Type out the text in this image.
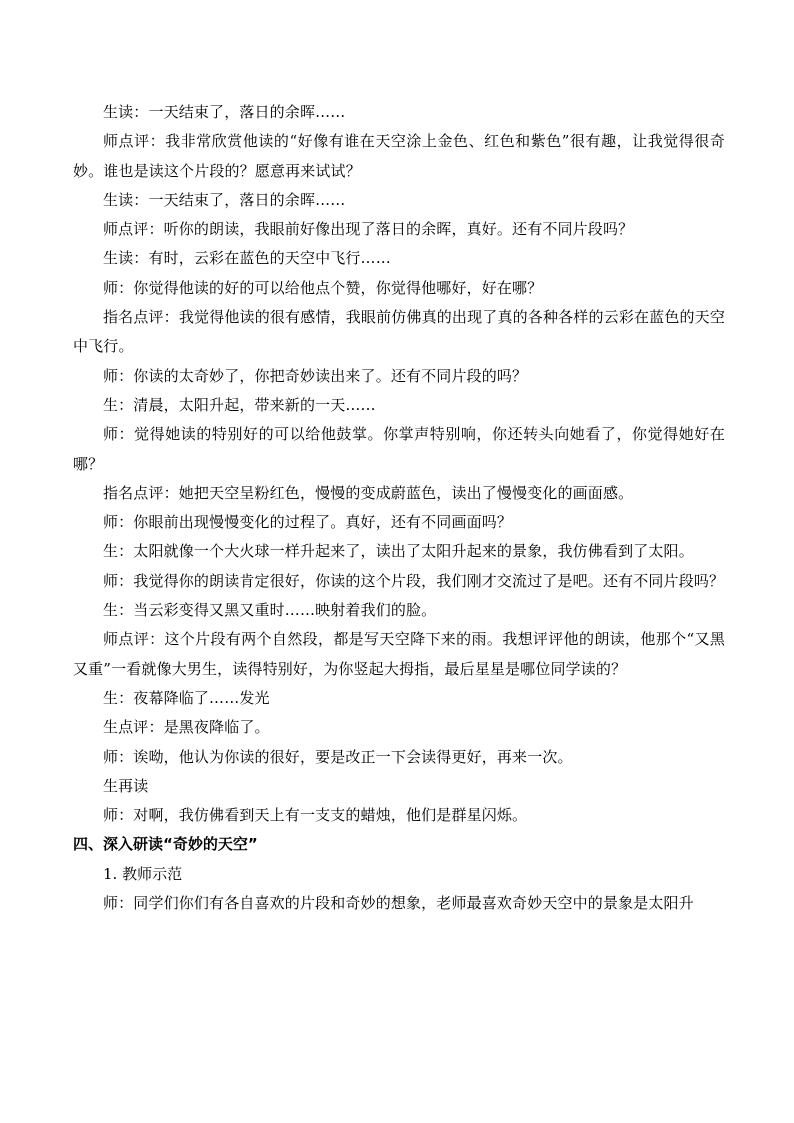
生读：一天结束了，落日的余晖……

师点评：我非常欣赏他读的“好像有谁在天空涂上金色、红色和紫色”很有趣，让我觉得很奇妙。谁也是读这个片段的？愿意再来试试？

生读：一天结束了，落日的余晖……

师点评：听你的朗读，我眼前好像出现了落日的余晖，真好。还有不同片段吗？

生读：有时，云彩在蓝色的天空中飞行……

师：你觉得他读的好的可以给他点个赞，你觉得他哪好，好在哪？

指名点评：我觉得他读的很有感情，我眼前仿佛真的出现了真的各种各样的云彩在蓝色的天空中飞行。

师：你读的太奇妙了，你把奇妙读出来了。还有不同片段的吗？

生：清晨，太阳升起，带来新的一天……

师：觉得她读的特别好的可以给他鼓掌。你掌声特别响，你还转头向她看了，你觉得她好在哪？

指名点评：她把天空呈粉红色，慢慢的变成蔚蓝色，读出了慢慢变化的画面感。

师：你眼前出现慢慢变化的过程了。真好，还有不同画面吗？

生：太阳就像一个大火球一样升起来了，读出了太阳升起来的景象，我仿佛看到了太阳。

师：我觉得你的朗读肯定很好，你读的这个片段，我们刚才交流过了是吧。还有不同片段吗？

生：当云彩变得又黑又重时……映射着我们的脸。

师点评：这个片段有两个自然段，都是写天空降下来的雨。我想评评他的朗读，他那个“又黑又重”一看就像大男生，读得特别好，为你竖起大拇指，最后星星是哪位同学读的？

生：夜幕降临了……发光

生点评：是黑夜降临了。

师：诶呦，他认为你读的很好，要是改正一下会读得更好，再来一次。

生再读

师：对啊，我仿佛看到天上有一支支的蜡烛，他们是群星闪烁。

四、深入研读“奇妙的天空”

1. 教师示范

师：同学们你们有各自喜欢的片段和奇妙的想象，老师最喜欢奇妙天空中的景象是太阳升
